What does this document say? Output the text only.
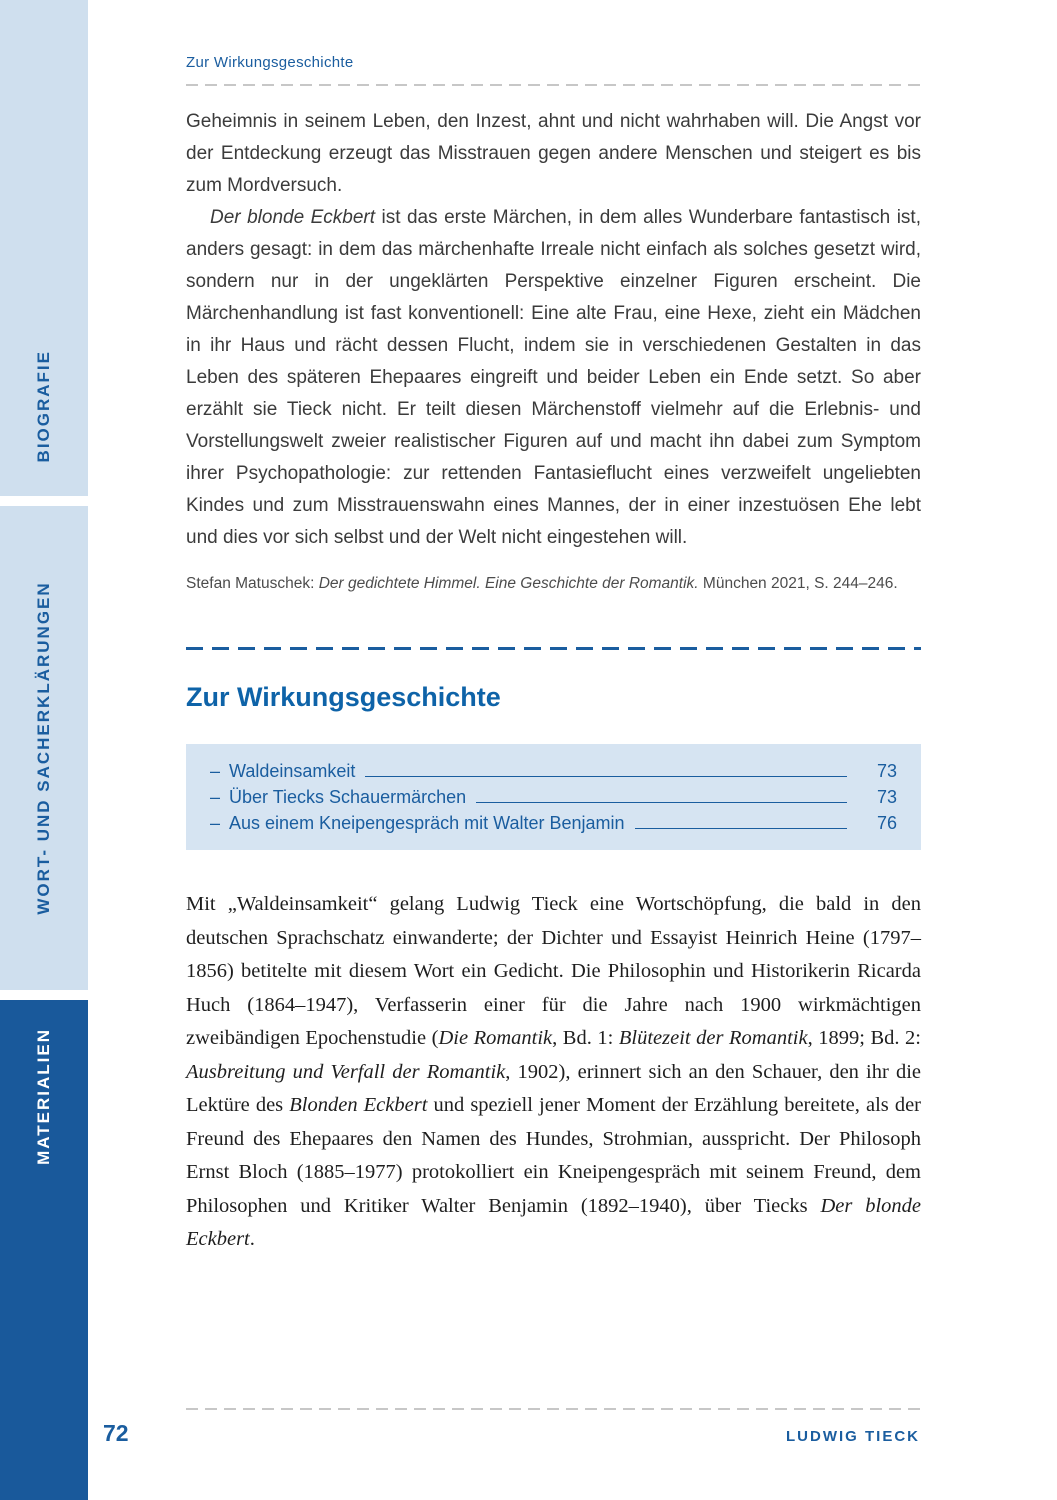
BIOGRAFIE
WORT- UND SACHERKLÄRUNGEN
MATERIALIEN
Zur Wirkungsgeschichte

Geheimnis in seinem Leben, den Inzest, ahnt und nicht wahrhaben will. Die Angst vor der Entdeckung erzeugt das Misstrauen gegen andere Menschen und steigert es bis zum Mordversuch.

Der blonde Eckbert ist das erste Märchen, in dem alles Wunderbare fantastisch ist, anders gesagt: in dem das märchenhafte Irreale nicht einfach als solches gesetzt wird, sondern nur in der ungeklärten Perspektive einzelner Figuren erscheint. Die Märchenhandlung ist fast konventionell: Eine alte Frau, eine Hexe, zieht ein Mädchen in ihr Haus und rächt dessen Flucht, indem sie in verschiedenen Gestalten in das Leben des späteren Ehepaares eingreift und beider Leben ein Ende setzt. So aber erzählt sie Tieck nicht. Er teilt diesen Märchenstoff vielmehr auf die Erlebnis- und Vorstellungswelt zweier realistischer Figuren auf und macht ihn dabei zum Symptom ihrer Psychopathologie: zur rettenden Fantasieflucht eines verzweifelt ungeliebten Kindes und zum Misstrauenswahn eines Mannes, der in einer inzestuösen Ehe lebt und dies vor sich selbst und der Welt nicht eingestehen will.

Stefan Matuschek: Der gedichtete Himmel. Eine Geschichte der Romantik. München 2021, S. 244–246.

Zur Wirkungsgeschichte
– Waldeinsamkeit	73
– Über Tiecks Schauermärchen	73
– Aus einem Kneipengespräch mit Walter Benjamin	76

Mit „Waldeinsamkeit“ gelang Ludwig Tieck eine Wortschöpfung, die bald in den deutschen Sprachschatz einwanderte; der Dichter und Essayist Heinrich Heine (1797–1856) betitelte mit diesem Wort ein Gedicht. Die Philosophin und Historikerin Ricarda Huch (1864–1947), Verfasserin einer für die Jahre nach 1900 wirkmächtigen zweibändigen Epochenstudie (Die Romantik, Bd. 1: Blütezeit der Romantik, 1899; Bd. 2: Ausbreitung und Verfall der Romantik, 1902), erinnert sich an den Schauer, den ihr die Lektüre des Blonden Eckbert und speziell jener Moment der Erzählung bereitete, als der Freund des Ehepaares den Namen des Hundes, Strohmian, ausspricht. Der Philosoph Ernst Bloch (1885–1977) protokolliert ein Kneipengespräch mit seinem Freund, dem Philosophen und Kritiker Walter Benjamin (1892–1940), über Tiecks Der blonde Eckbert.

72	LUDWIG TIECK
